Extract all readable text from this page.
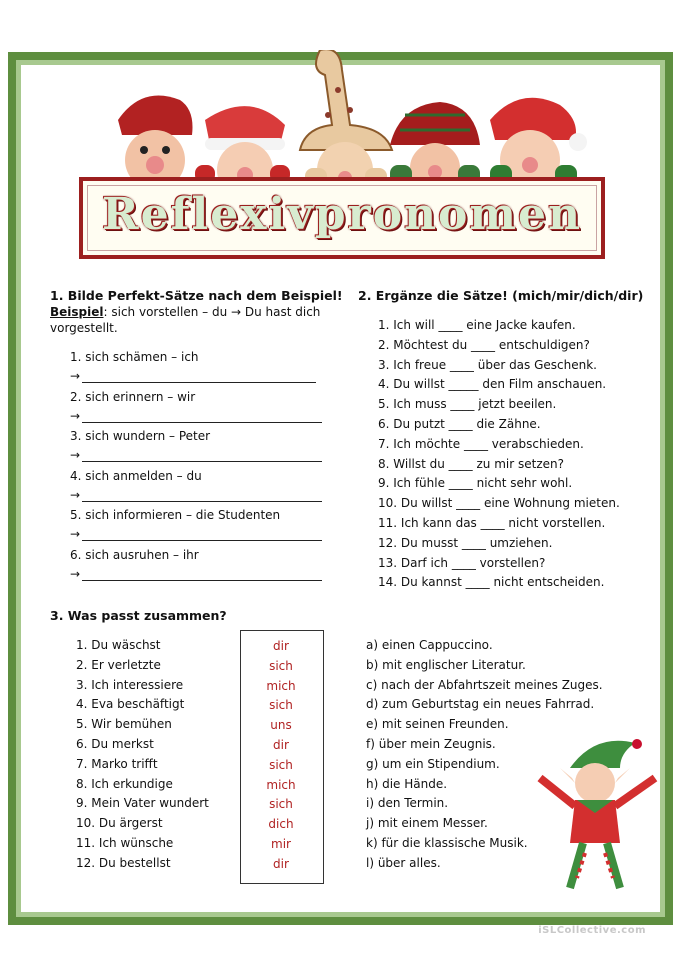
Reflexivpronomen
1. Bilde Perfekt-Sätze nach dem Beispiel!
Beispiel: sich vorstellen – du → Du hast dich
vorgestellt.
1. sich schämen – ich
→
2. sich erinnern – wir
→
3. sich wundern – Peter
→
4. sich anmelden – du
→
5. sich informieren – die Studenten
→
6. sich ausruhen – ihr
→
2. Ergänze die Sätze! (mich/mir/dich/dir)
1. Ich will ____ eine Jacke kaufen.
2. Möchtest du ____ entschuldigen?
3. Ich freue ____ über das Geschenk.
4. Du willst _____ den Film anschauen.
5. Ich muss ____ jetzt beeilen.
6. Du putzt ____ die Zähne.
7. Ich möchte ____ verabschieden.
8. Willst du ____ zu mir setzen?
9. Ich fühle ____ nicht sehr wohl.
10. Du willst ____ eine Wohnung mieten.
11. Ich kann das ____ nicht vorstellen.
12. Du musst ____ umziehen.
13. Darf ich ____ vorstellen?
14. Du kannst ____ nicht entscheiden.
3. Was passt zusammen?
1. Du wäschst	dir	a) einen Cappuccino.
2. Er verletzte	sich	b) mit englischer Literatur.
3. Ich interessiere	mich	c) nach der Abfahrtszeit meines Zuges.
4. Eva beschäftigt	sich	d) zum Geburtstag ein neues Fahrrad.
5. Wir bemühen	uns	e) mit seinen Freunden.
6. Du merkst	dir	f) über mein Zeugnis.
7. Marko trifft	sich	g) um ein Stipendium.
8. Ich erkundige	mich	h) die Hände.
9. Mein Vater wundert	sich	i) den Termin.
10. Du ärgerst	dich	j) mit einem Messer.
11. Ich wünsche	mir	k) für die klassische Musik.
12. Du bestellst	dir	l) über alles.
iSLCollective.com
